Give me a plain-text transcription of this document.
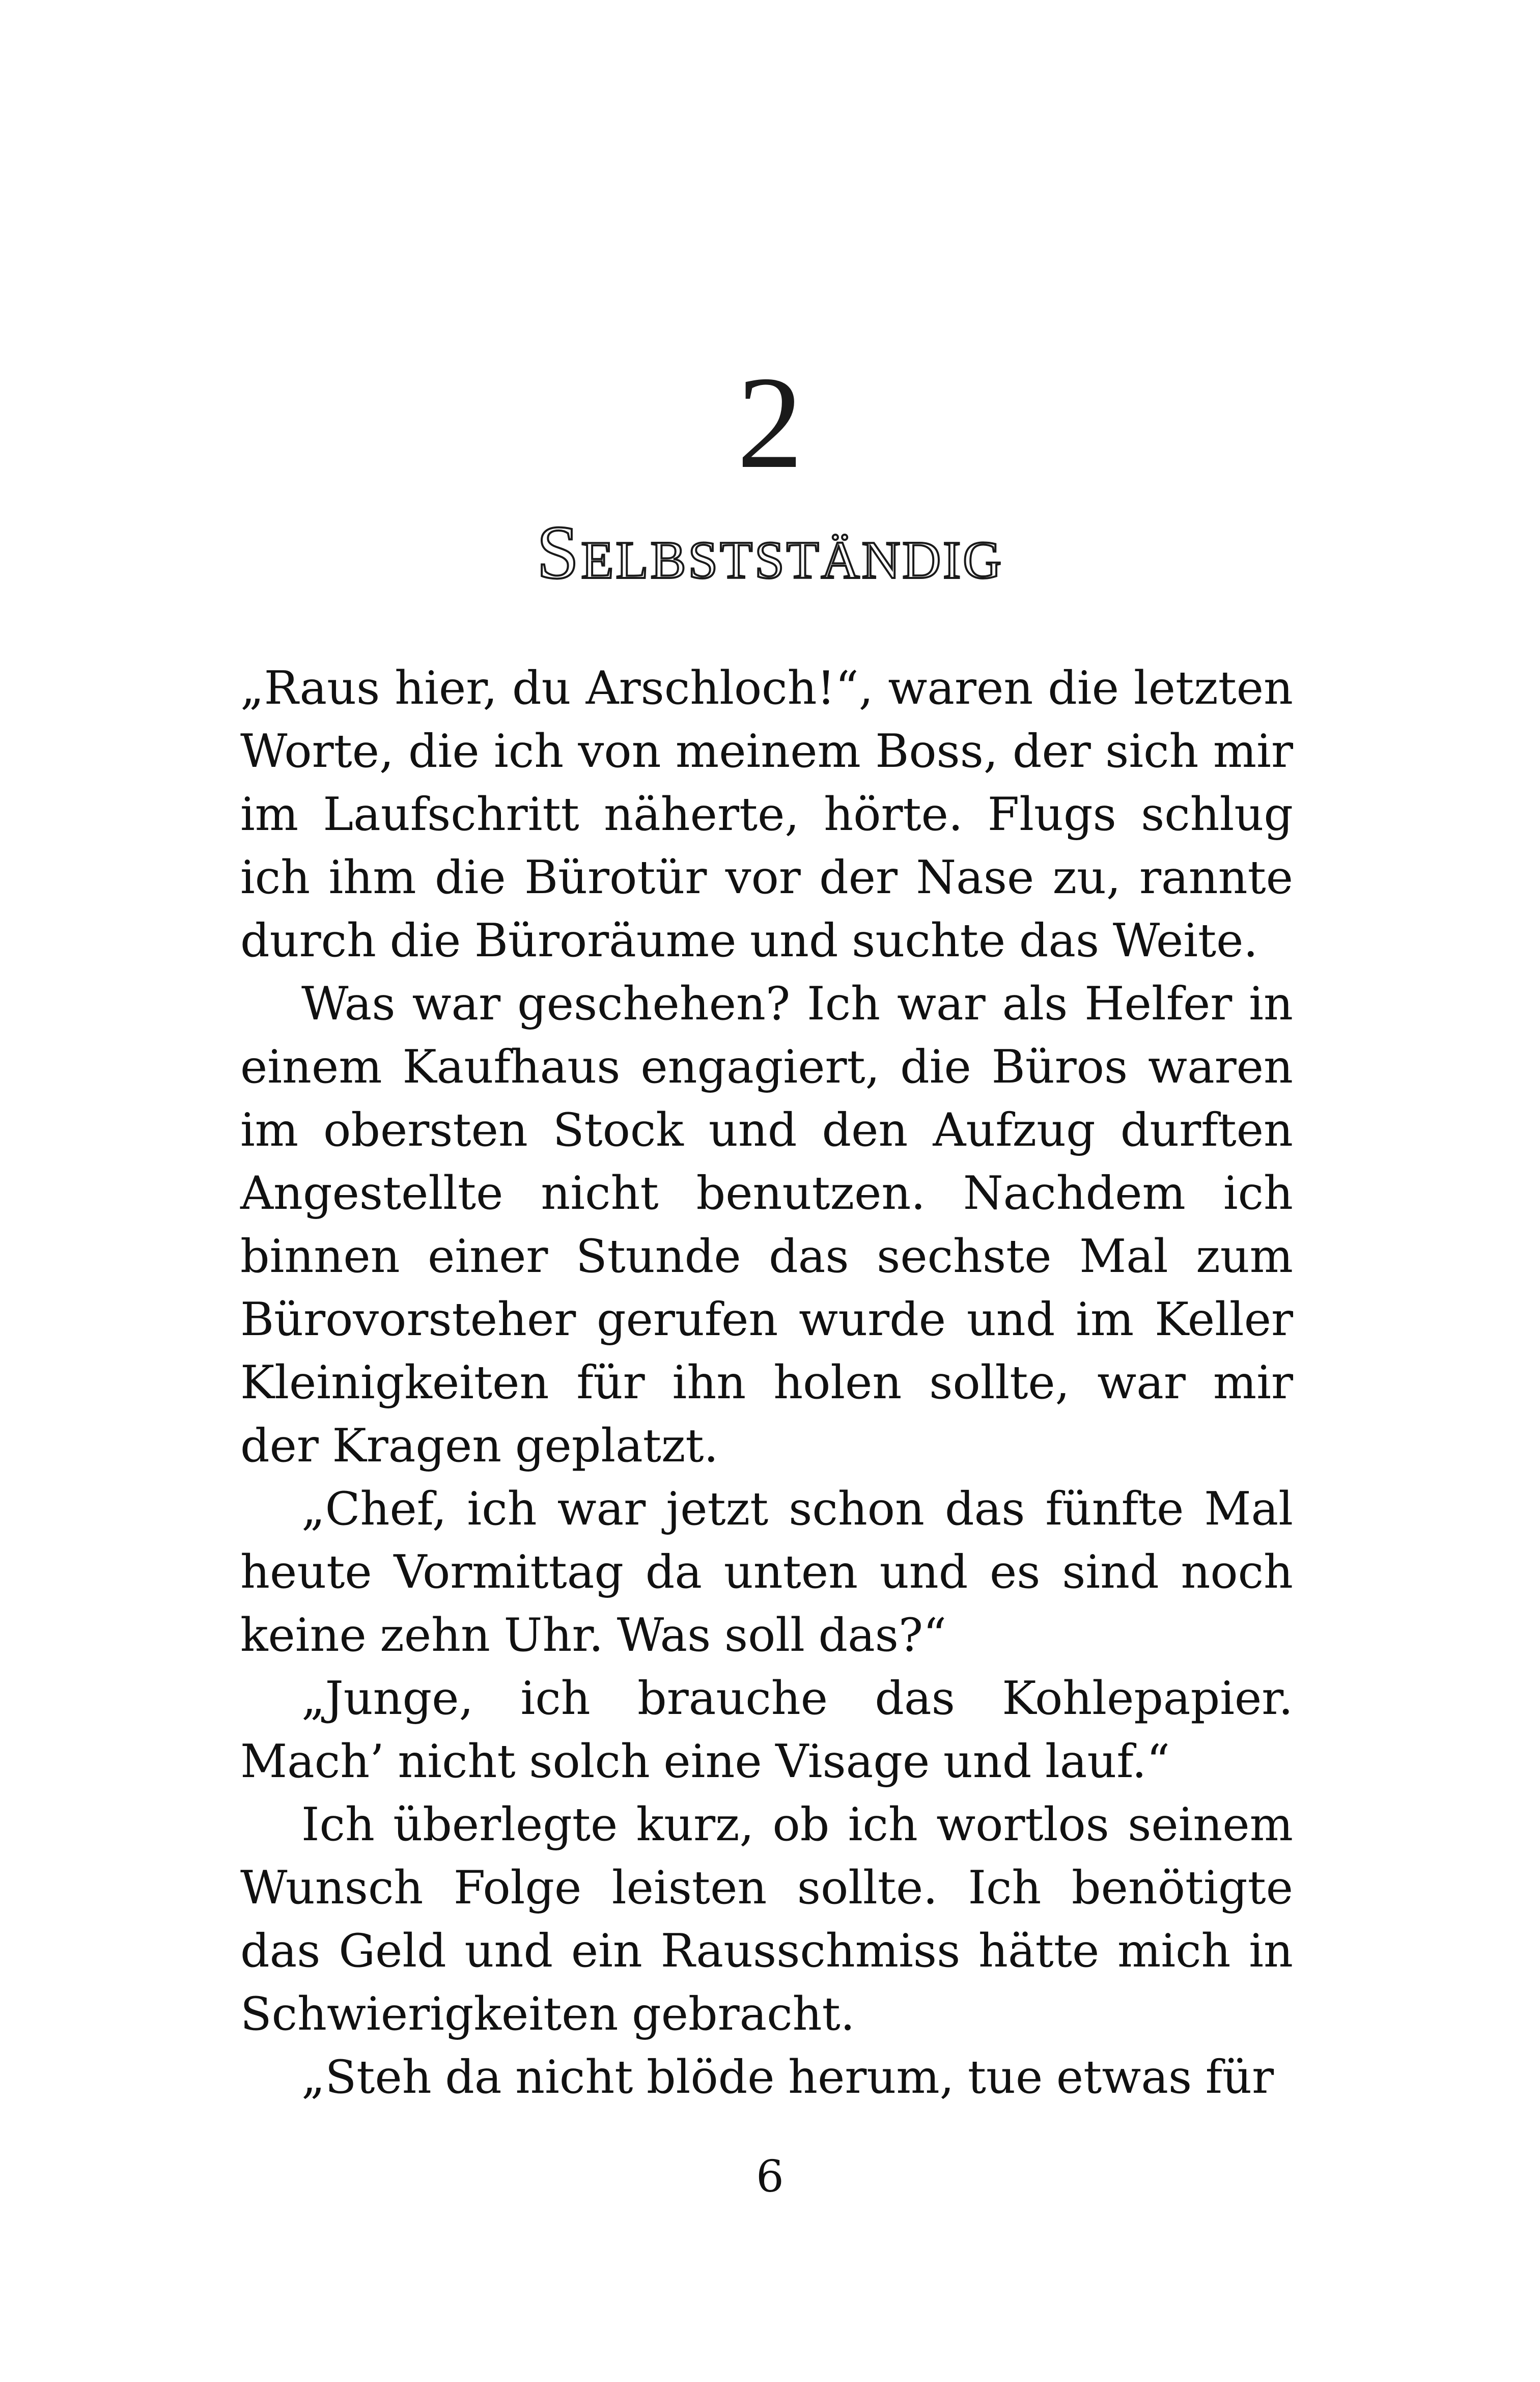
2
Selbstständig

„Raus hier, du Arschloch!“, waren die letzten Worte, die ich von meinem Boss, der sich mir im Laufschritt näherte, hörte. Flugs schlug ich ihm die Bürotür vor der Nase zu, rannte durch die Büroräume und suchte das Weite.

Was war geschehen? Ich war als Helfer in einem Kaufhaus engagiert, die Büros waren im obersten Stock und den Aufzug durften Angestellte nicht benutzen. Nachdem ich binnen einer Stunde das sechste Mal zum Bürovorsteher gerufen wurde und im Keller Kleinigkeiten für ihn holen sollte, war mir der Kragen geplatzt.

„Chef, ich war jetzt schon das fünfte Mal heute Vormittag da unten und es sind noch keine zehn Uhr. Was soll das?“

„Junge, ich brauche das Kohlepapier. Mach’ nicht solch eine Visage und lauf.“

Ich überlegte kurz, ob ich wortlos seinem Wunsch Folge leisten sollte. Ich benötigte das Geld und ein Rausschmiss hätte mich in Schwierigkeiten gebracht.

„Steh da nicht blöde herum, tue etwas für

6
